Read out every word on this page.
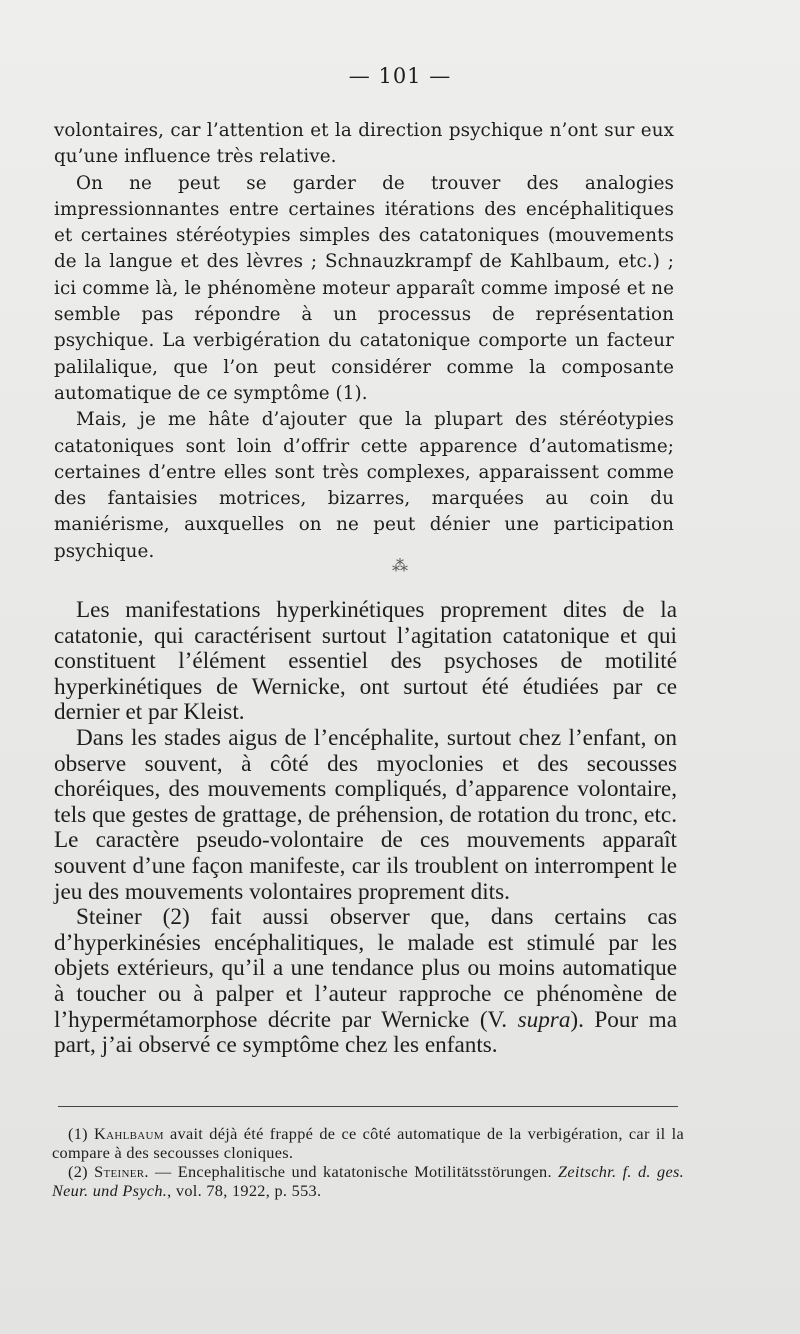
— 101 —

volontaires, car l’attention et la direction psychique n’ont sur eux qu’une influence très relative.

On ne peut se garder de trouver des analogies impressionnantes entre certaines itérations des encéphalitiques et certaines stéréotypies simples des catatoniques (mouvements de la langue et des lèvres ; Schnauzkrampf de Kahlbaum, etc.) ; ici comme là, le phénomène moteur apparaît comme imposé et ne semble pas répondre à un processus de représentation psychique. La verbigération du catatonique comporte un facteur palilalique, que l’on peut considérer comme la composante automatique de ce symptôme (1).

Mais, je me hâte d’ajouter que la plupart des stéréotypies catatoniques sont loin d’offrir cette apparence d’automatisme; certaines d’entre elles sont très complexes, apparaissent comme des fantaisies motrices, bizarres, marquées au coin du maniérisme, auxquelles on ne peut dénier une participation psychique.

⁂

Les manifestations hyperkinétiques proprement dites de la catatonie, qui caractérisent surtout l’agitation catatonique et qui constituent l’élément essentiel des psychoses de motilité hyperkinétiques de Wernicke, ont surtout été étudiées par ce dernier et par Kleist.

Dans les stades aigus de l’encéphalite, surtout chez l’enfant, on observe souvent, à côté des myoclonies et des secousses choréiques, des mouvements compliqués, d’apparence volontaire, tels que gestes de grattage, de préhension, de rotation du tronc, etc. Le caractère pseudo-volontaire de ces mouvements apparaît souvent d’une façon manifeste, car ils troublent on interrompent le jeu des mouvements volontaires proprement dits.

Steiner (2) fait aussi observer que, dans certains cas d’hyperkinésies encéphalitiques, le malade est stimulé par les objets extérieurs, qu’il a une tendance plus ou moins automatique à toucher ou à palper et l’auteur rapproche ce phénomène de l’hypermétamorphose décrite par Wernicke (V. supra). Pour ma part, j’ai observé ce symptôme chez les enfants.

(1) Kahlbaum avait déjà été frappé de ce côté automatique de la verbigération, car il la compare à des secousses cloniques.

(2) Steiner. — Encephalitische und katatonische Motilitätsstörungen. Zeitschr. f. d. ges. Neur. und Psych., vol. 78, 1922, p. 553.
